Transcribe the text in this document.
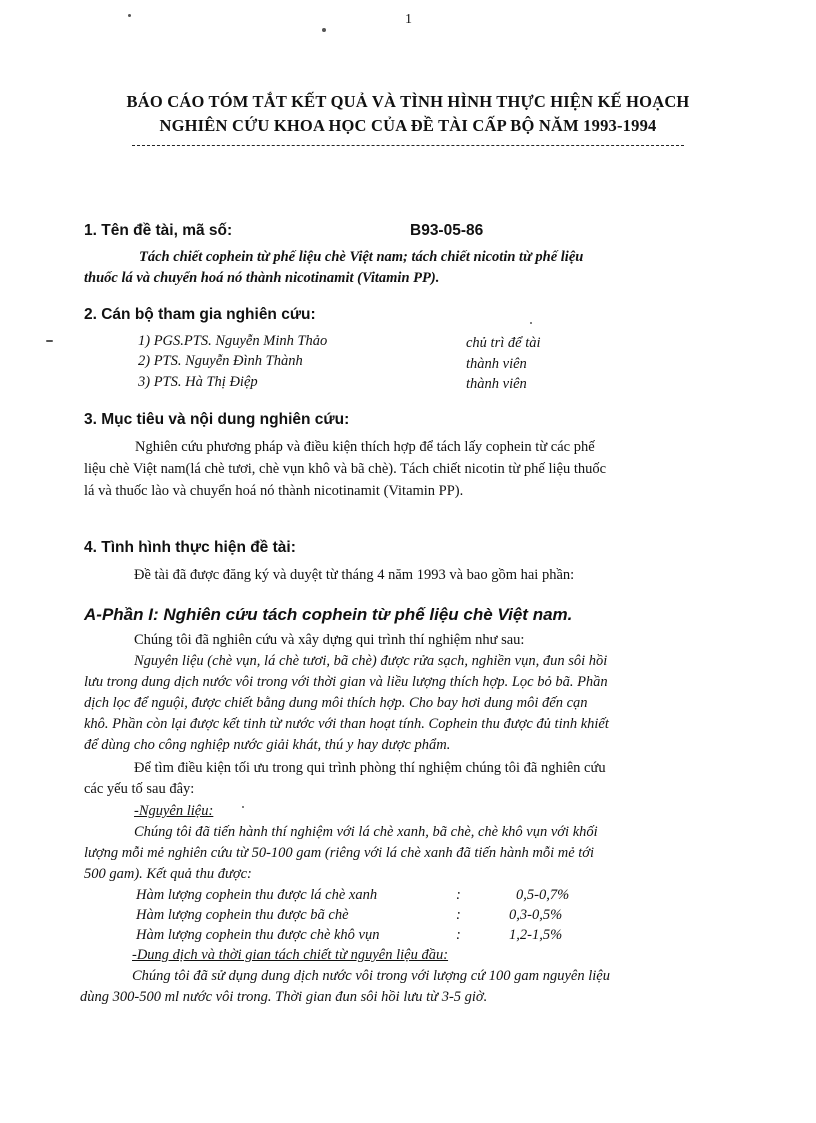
1
BÁO CÁO TÓM TẮT KẾT QUẢ VÀ TÌNH HÌNH THỰC HIỆN KẾ HOẠCH
NGHIÊN CỨU KHOA HỌC CỦA ĐỀ TÀI CẤP BỘ NĂM 1993-1994
1. Tên đề tài, mã số:	B93-05-86
Tách chiết cophein từ phế liệu chè Việt nam; tách chiết nicotin từ phế liệu
thuốc lá và chuyển hoá nó thành nicotinamit (Vitamin PP).
2. Cán bộ tham gia nghiên cứu:
1) PGS.PTS. Nguyễn Minh Thảo	chủ trì để tài
2) PTS. Nguyễn Đình Thành	thành viên
3) PTS. Hà Thị Điệp	thành viên
3. Mục tiêu và nội dung nghiên cứu:
Nghiên cứu phương pháp và điều kiện thích hợp để tách lấy cophein từ các phế
liệu chè Việt nam(lá chè tươi, chè vụn khô và bã chè). Tách chiết nicotin từ phế liệu thuốc
lá và thuốc lào và chuyển hoá nó thành nicotinamit (Vitamin PP).
4. Tình hình thực hiện đề tài:
Đề tài đã được đăng ký và duyệt từ tháng 4 năm 1993 và bao gồm hai phần:
A-Phần I: Nghiên cứu tách cophein từ phế liệu chè Việt nam.
Chúng tôi đã nghiên cứu và xây dựng qui trình thí nghiệm như sau:
Nguyên liệu (chè vụn, lá chè tươi, bã chè) được rửa sạch, nghiền vụn, đun sôi hồi
lưu trong dung dịch nước vôi trong với thời gian và liều lượng thích hợp. Lọc bỏ bã. Phần
dịch lọc để nguội, được chiết bằng dung môi thích hợp. Cho bay hơi dung môi đến cạn
khô. Phần còn lại được kết tinh từ nước với than hoạt tính. Cophein thu được đủ tinh khiết
để dùng cho công nghiệp nước giải khát, thú y hay dược phẩm.
Để tìm điều kiện tối ưu trong qui trình phòng thí nghiệm chúng tôi đã nghiên cứu
các yếu tố sau đây:
-Nguyên liệu:
Chúng tôi đã tiến hành thí nghiệm với lá chè xanh, bã chè, chè khô vụn với khối
lượng mỗi mẻ nghiên cứu từ 50-100 gam (riêng với lá chè xanh đã tiến hành mỗi mẻ tới
500 gam). Kết quả thu được:
Hàm lượng cophein thu được lá chè xanh	:	0,5-0,7%
Hàm lượng cophein thu được bã chè	:	0,3-0,5%
Hàm lượng cophein thu được chè khô vụn	:	1,2-1,5%
-Dung dịch và thời gian tách chiết từ nguyên liệu đầu:
Chúng tôi đã sử dụng dung dịch nước vôi trong với lượng cứ 100 gam nguyên liệu
dùng 300-500 ml nước vôi trong. Thời gian đun sôi hồi lưu từ 3-5 giờ.
